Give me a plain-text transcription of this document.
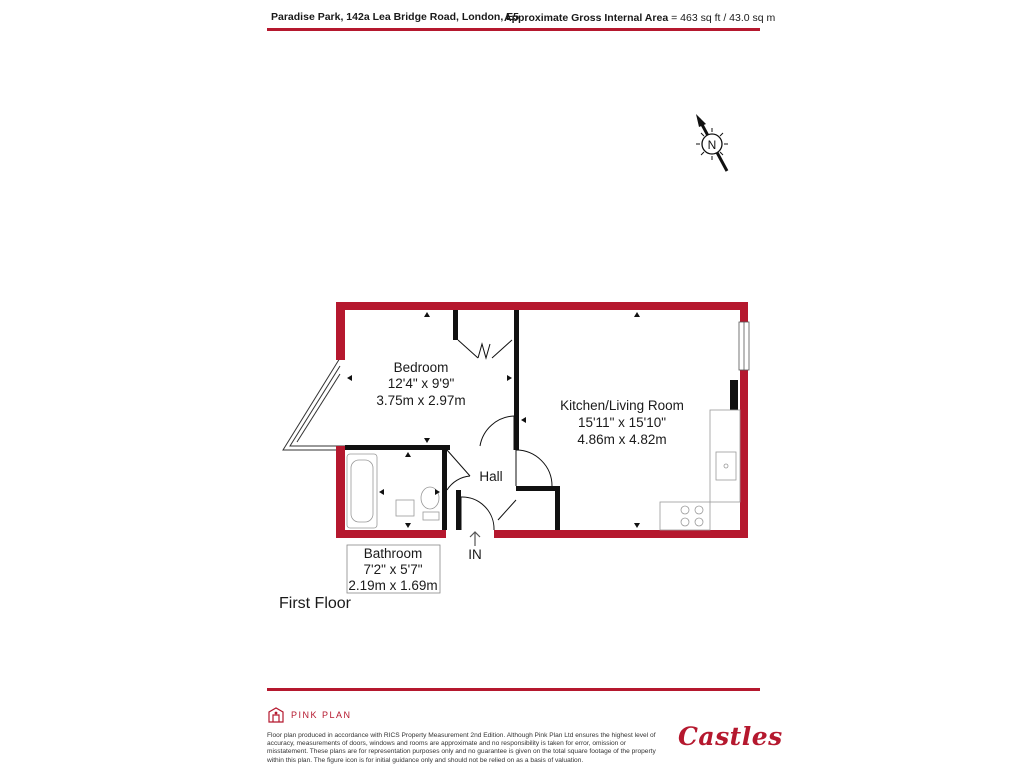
Paradise Park, 142a Lea Bridge Road, London, E5
Approximate Gross Internal Area = 463 sq ft / 43.0 sq m
N
Bedroom
12'4" x 9'9"
3.75m x 2.97m	Kitchen/Living Room
15'11" x 15'10"
4.86m x 4.82m
Hall
IN
Bathroom
7'2" x 5'7"
2.19m x 1.69m
First Floor
PINK PLAN
Floor plan produced in accordance with RICS Property Measurement 2nd Edition. Although Pink Plan Ltd ensures the highest level of accuracy, measurements of doors, windows and rooms are approximate and no responsibility is taken for error, omission or misstatement. These plans are for representation purposes only and no guarantee is given on the total square footage of the property within this plan. The figure icon is for initial guidance only and should not be relied on as a basis of valuation.
Castles
